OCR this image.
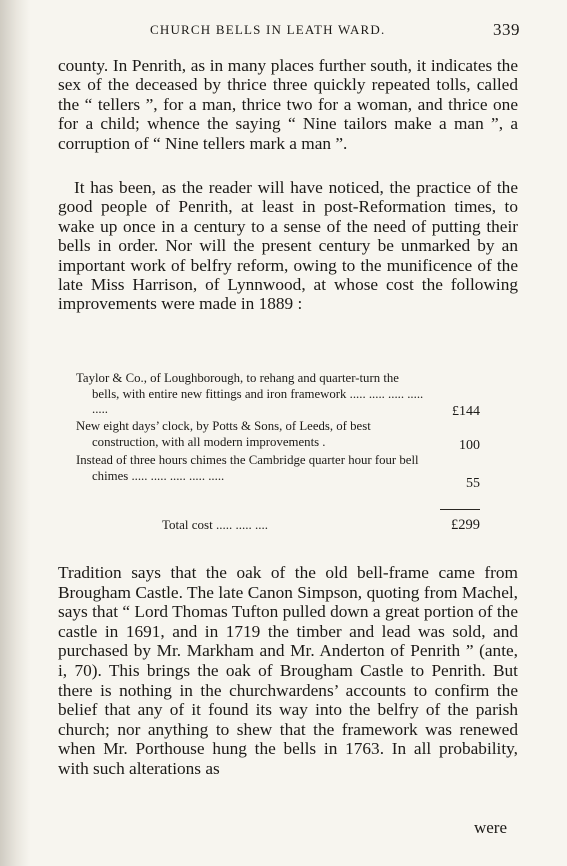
CHURCH BELLS IN LEATH WARD.	339

county. In Penrith, as in many places further south, it indicates the sex of the deceased by thrice three quickly repeated tolls, called the “ tellers ”, for a man, thrice two for a woman, and thrice one for a child; whence the saying “ Nine tailors make a man ”, a corruption of “ Nine tellers mark a man ”.

It has been, as the reader will have noticed, the practice of the good people of Penrith, at least in post-Reformation times, to wake up once in a century to a sense of the need of putting their bells in order. Nor will the present century be unmarked by an important work of belfry reform, owing to the munificence of the late Miss Harrison, of Lynnwood, at whose cost the following improvements were made in 1889 :

Taylor & Co., of Loughborough, to rehang and quarter-turn the bells, with entire new fittings and iron framework ..... ..... ..... ..... .....	£144
New eight days’ clock, by Potts & Sons, of Leeds, of best construction, with all modern improvements .	100
Instead of three hours chimes the Cambridge quarter hour four bell chimes ..... ..... ..... ..... .....	55
Total cost ..... ..... ....	£299

Tradition says that the oak of the old bell-frame came from Brougham Castle. The late Canon Simpson, quoting from Machel, says that “ Lord Thomas Tufton pulled down a great portion of the castle in 1691, and in 1719 the timber and lead was sold, and purchased by Mr. Markham and Mr. Anderton of Penrith ” (ante, i, 70). This brings the oak of Brougham Castle to Penrith. But there is nothing in the churchwardens’ accounts to confirm the belief that any of it found its way into the belfry of the parish church; nor anything to shew that the framework was renewed when Mr. Porthouse hung the bells in 1763. In all probability, with such alterations as

were
